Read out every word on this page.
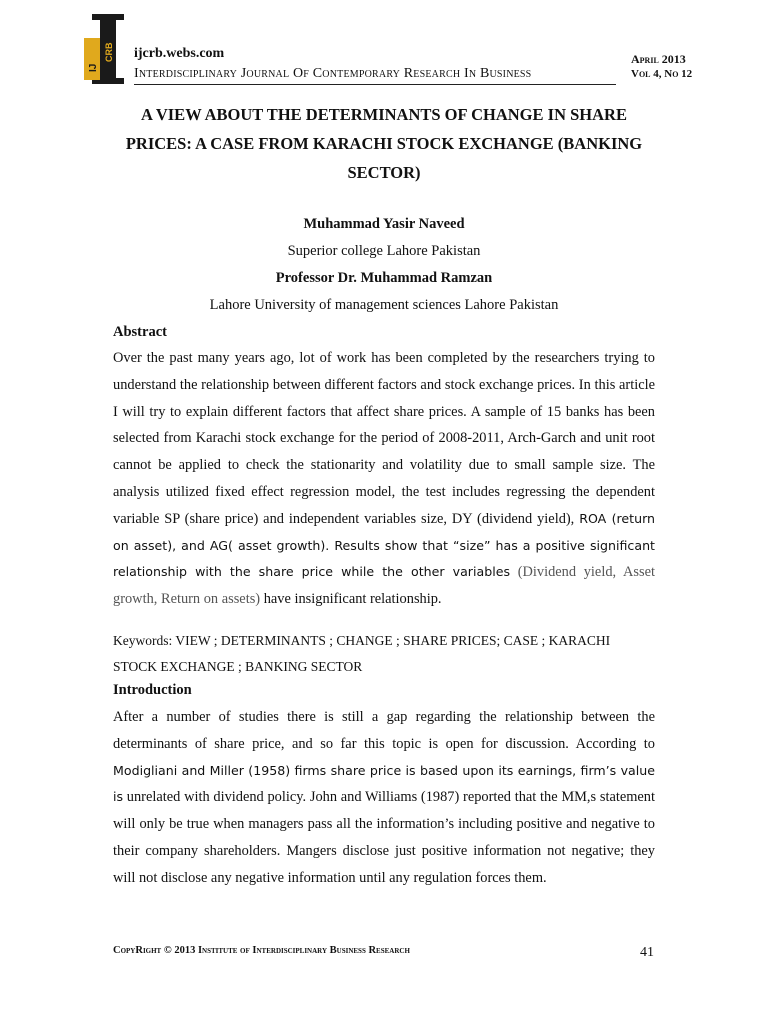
IJ
CRB ijcrb.webs.com
Interdisciplinary Journal Of Contemporary Research In Business
April 2013
Vol 4, No 12
A VIEW ABOUT THE DETERMINANTS OF CHANGE IN SHARE PRICES: A CASE FROM KARACHI STOCK EXCHANGE (BANKING SECTOR)
Muhammad Yasir Naveed
Superior college Lahore Pakistan
Professor Dr. Muhammad Ramzan
Lahore University of management sciences Lahore Pakistan
Abstract

Over the past many years ago, lot of work has been completed by the researchers trying to understand the relationship between different factors and stock exchange prices. In this article I will try to explain different factors that affect share prices. A sample of 15 banks has been selected from Karachi stock exchange for the period of 2008-2011, Arch-Garch and unit root cannot be applied to check the stationarity and volatility due to small sample size. The analysis utilized fixed effect regression model, the test includes regressing the dependent variable SP (share price) and independent variables size, DY (dividend yield), ROA (return on asset), and AG( asset growth). Results show that “size” has a positive significant relationship with the share price while the other variables (Dividend yield, Asset growth, Return on assets) have insignificant relationship.

Keywords: VIEW ; DETERMINANTS ; CHANGE ; SHARE PRICES; CASE ; KARACHI STOCK EXCHANGE ; BANKING SECTOR

Introduction

After a number of studies there is still a gap regarding the relationship between the determinants of share price, and so far this topic is open for discussion. According to Modigliani and Miller (1958) firms share price is based upon its earnings, firm’s value is unrelated with dividend policy. John and Williams (1987) reported that the MM,s statement will only be true when managers pass all the information’s including positive and negative to their company shareholders. Mangers disclose just positive information not negative; they will not disclose any negative information until any regulation forces them.

CopyRight © 2013 Institute of Interdisciplinary Business Research	41
